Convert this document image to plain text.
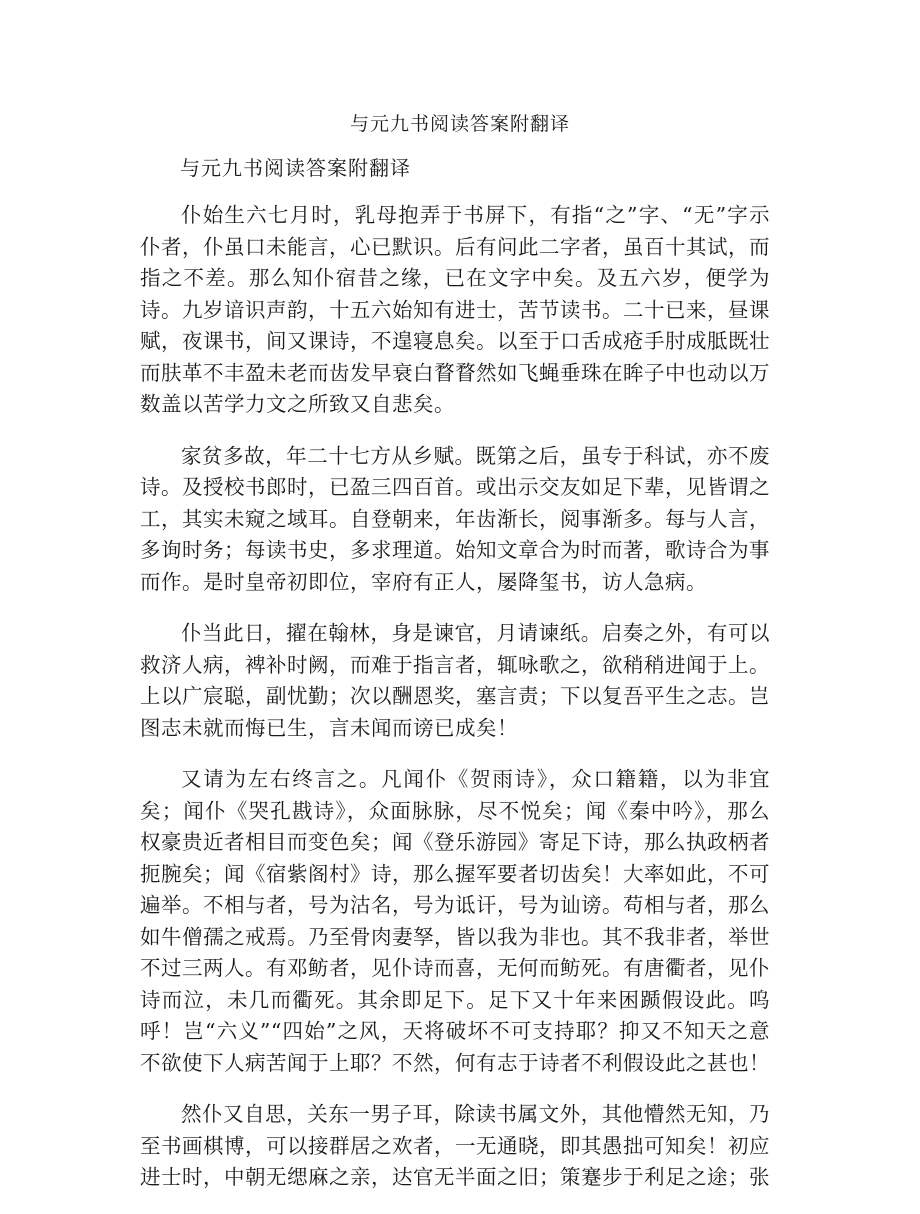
与元九书阅读答案附翻译

与元九书阅读答案附翻译

仆始生六七月时，乳母抱弄于书屏下，有指“之”字、“无”字示仆者，仆虽口未能言，心已默识。后有问此二字者，虽百十其试，而指之不差。那么知仆宿昔之缘，已在文字中矣。及五六岁，便学为诗。九岁谙识声韵，十五六始知有进士，苦节读书。二十已来，昼课赋，夜课书，间又课诗，不遑寝息矣。以至于口舌成疮手肘成胝既壮而肤革不丰盈未老而齿发早衰白瞀瞀然如飞蝇垂珠在眸子中也动以万数盖以苦学力文之所致又自悲矣。

家贫多故，年二十七方从乡赋。既第之后，虽专于科试，亦不废诗。及授校书郎时，已盈三四百首。或出示交友如足下辈，见皆谓之工，其实未窥之域耳。自登朝来，年齿渐长，阅事渐多。每与人言，多询时务；每读书史，多求理道。始知文章合为时而著，歌诗合为事而作。是时皇帝初即位，宰府有正人，屡降玺书，访人急病。

仆当此日，擢在翰林，身是谏官，月请谏纸。启奏之外，有可以救济人病，裨补时阙，而难于指言者，辄咏歌之，欲稍稍进闻于上。上以广宸聪，副忧勤；次以酬恩奖，塞言责；下以复吾平生之志。岂图志未就而悔已生，言未闻而谤已成矣！

又请为左右终言之。凡闻仆《贺雨诗》，众口籍籍，以为非宜矣；闻仆《哭孔戡诗》，众面脉脉，尽不悦矣；闻《秦中吟》，那么权豪贵近者相目而变色矣；闻《登乐游园》寄足下诗，那么执政柄者扼腕矣；闻《宿紫阁村》诗，那么握军要者切齿矣！大率如此，不可遍举。不相与者，号为沽名，号为诋讦，号为讪谤。苟相与者，那么如牛僧孺之戒焉。乃至骨肉妻孥，皆以我为非也。其不我非者，举世不过三两人。有邓鲂者，见仆诗而喜，无何而鲂死。有唐衢者，见仆诗而泣，未几而衢死。其余即足下。足下又十年来困踬假设此。呜呼！岂“六义”“四始”之风，天将破坏不可支持耶？抑又不知天之意不欲使下人病苦闻于上耶？不然，何有志于诗者不利假设此之甚也！

然仆又自思，关东一男子耳，除读书属文外，其他懵然无知，乃至书画棋博，可以接群居之欢者，一无通晓，即其愚拙可知矣！初应进士时，中朝无缌麻之亲，达官无半面之旧；策蹇步于利足之途；张
